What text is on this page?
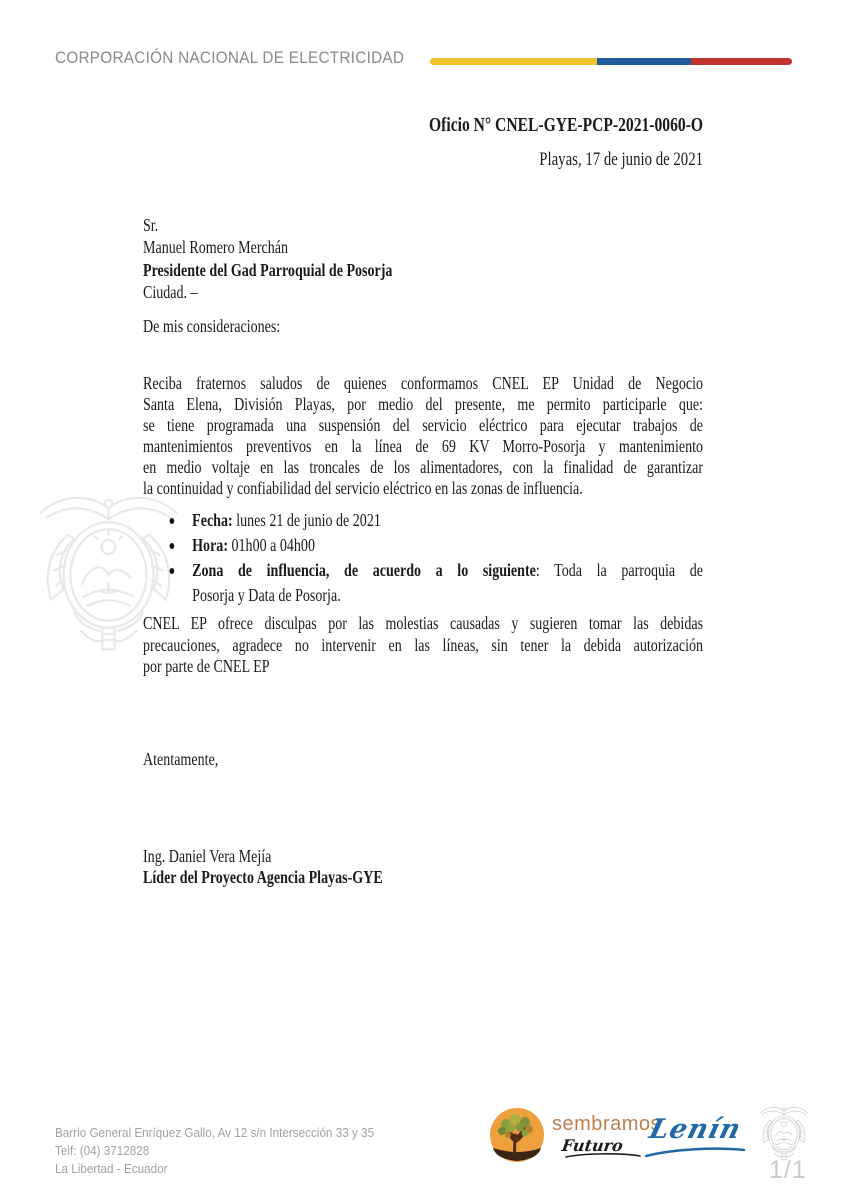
CORPORACIÓN NACIONAL DE ELECTRICIDAD
Oficio N° CNEL-GYE-PCP-2021-0060-O
Playas, 17 de junio de 2021
Sr.
Manuel Romero Merchán
Presidente del Gad Parroquial de Posorja
Ciudad. –
De mis consideraciones:
Reciba fraternos saludos de quienes conformamos CNEL EP Unidad de Negocio
Santa Elena, División Playas, por medio del presente, me permito participarle que:
se tiene programada una suspensión del servicio eléctrico para ejecutar trabajos de
mantenimientos preventivos en la línea de 69 KV Morro-Posorja y mantenimiento
en medio voltaje en las troncales de los alimentadores, con la finalidad de garantizar
la continuidad y confiabilidad del servicio eléctrico en las zonas de influencia.
Fecha: lunes 21 de junio de 2021
Hora: 01h00 a 04h00
Zona de influencia, de acuerdo a lo siguiente: Toda la parroquia de
Posorja y Data de Posorja.
CNEL EP ofrece disculpas por las molestias causadas y sugieren tomar las debidas
precauciones, agradece no intervenir en las líneas, sin tener la debida autorización
por parte de CNEL EP
Atentamente,
Ing. Daniel Vera Mejía
Líder del Proyecto Agencia Playas-GYE
Barrio General Enríquez Gallo, Av 12 s/n Intersección 33 y 35
Telf: (04) 3712828
La Libertad - Ecuador
sembramos
Futuro
Lenín
1/1
